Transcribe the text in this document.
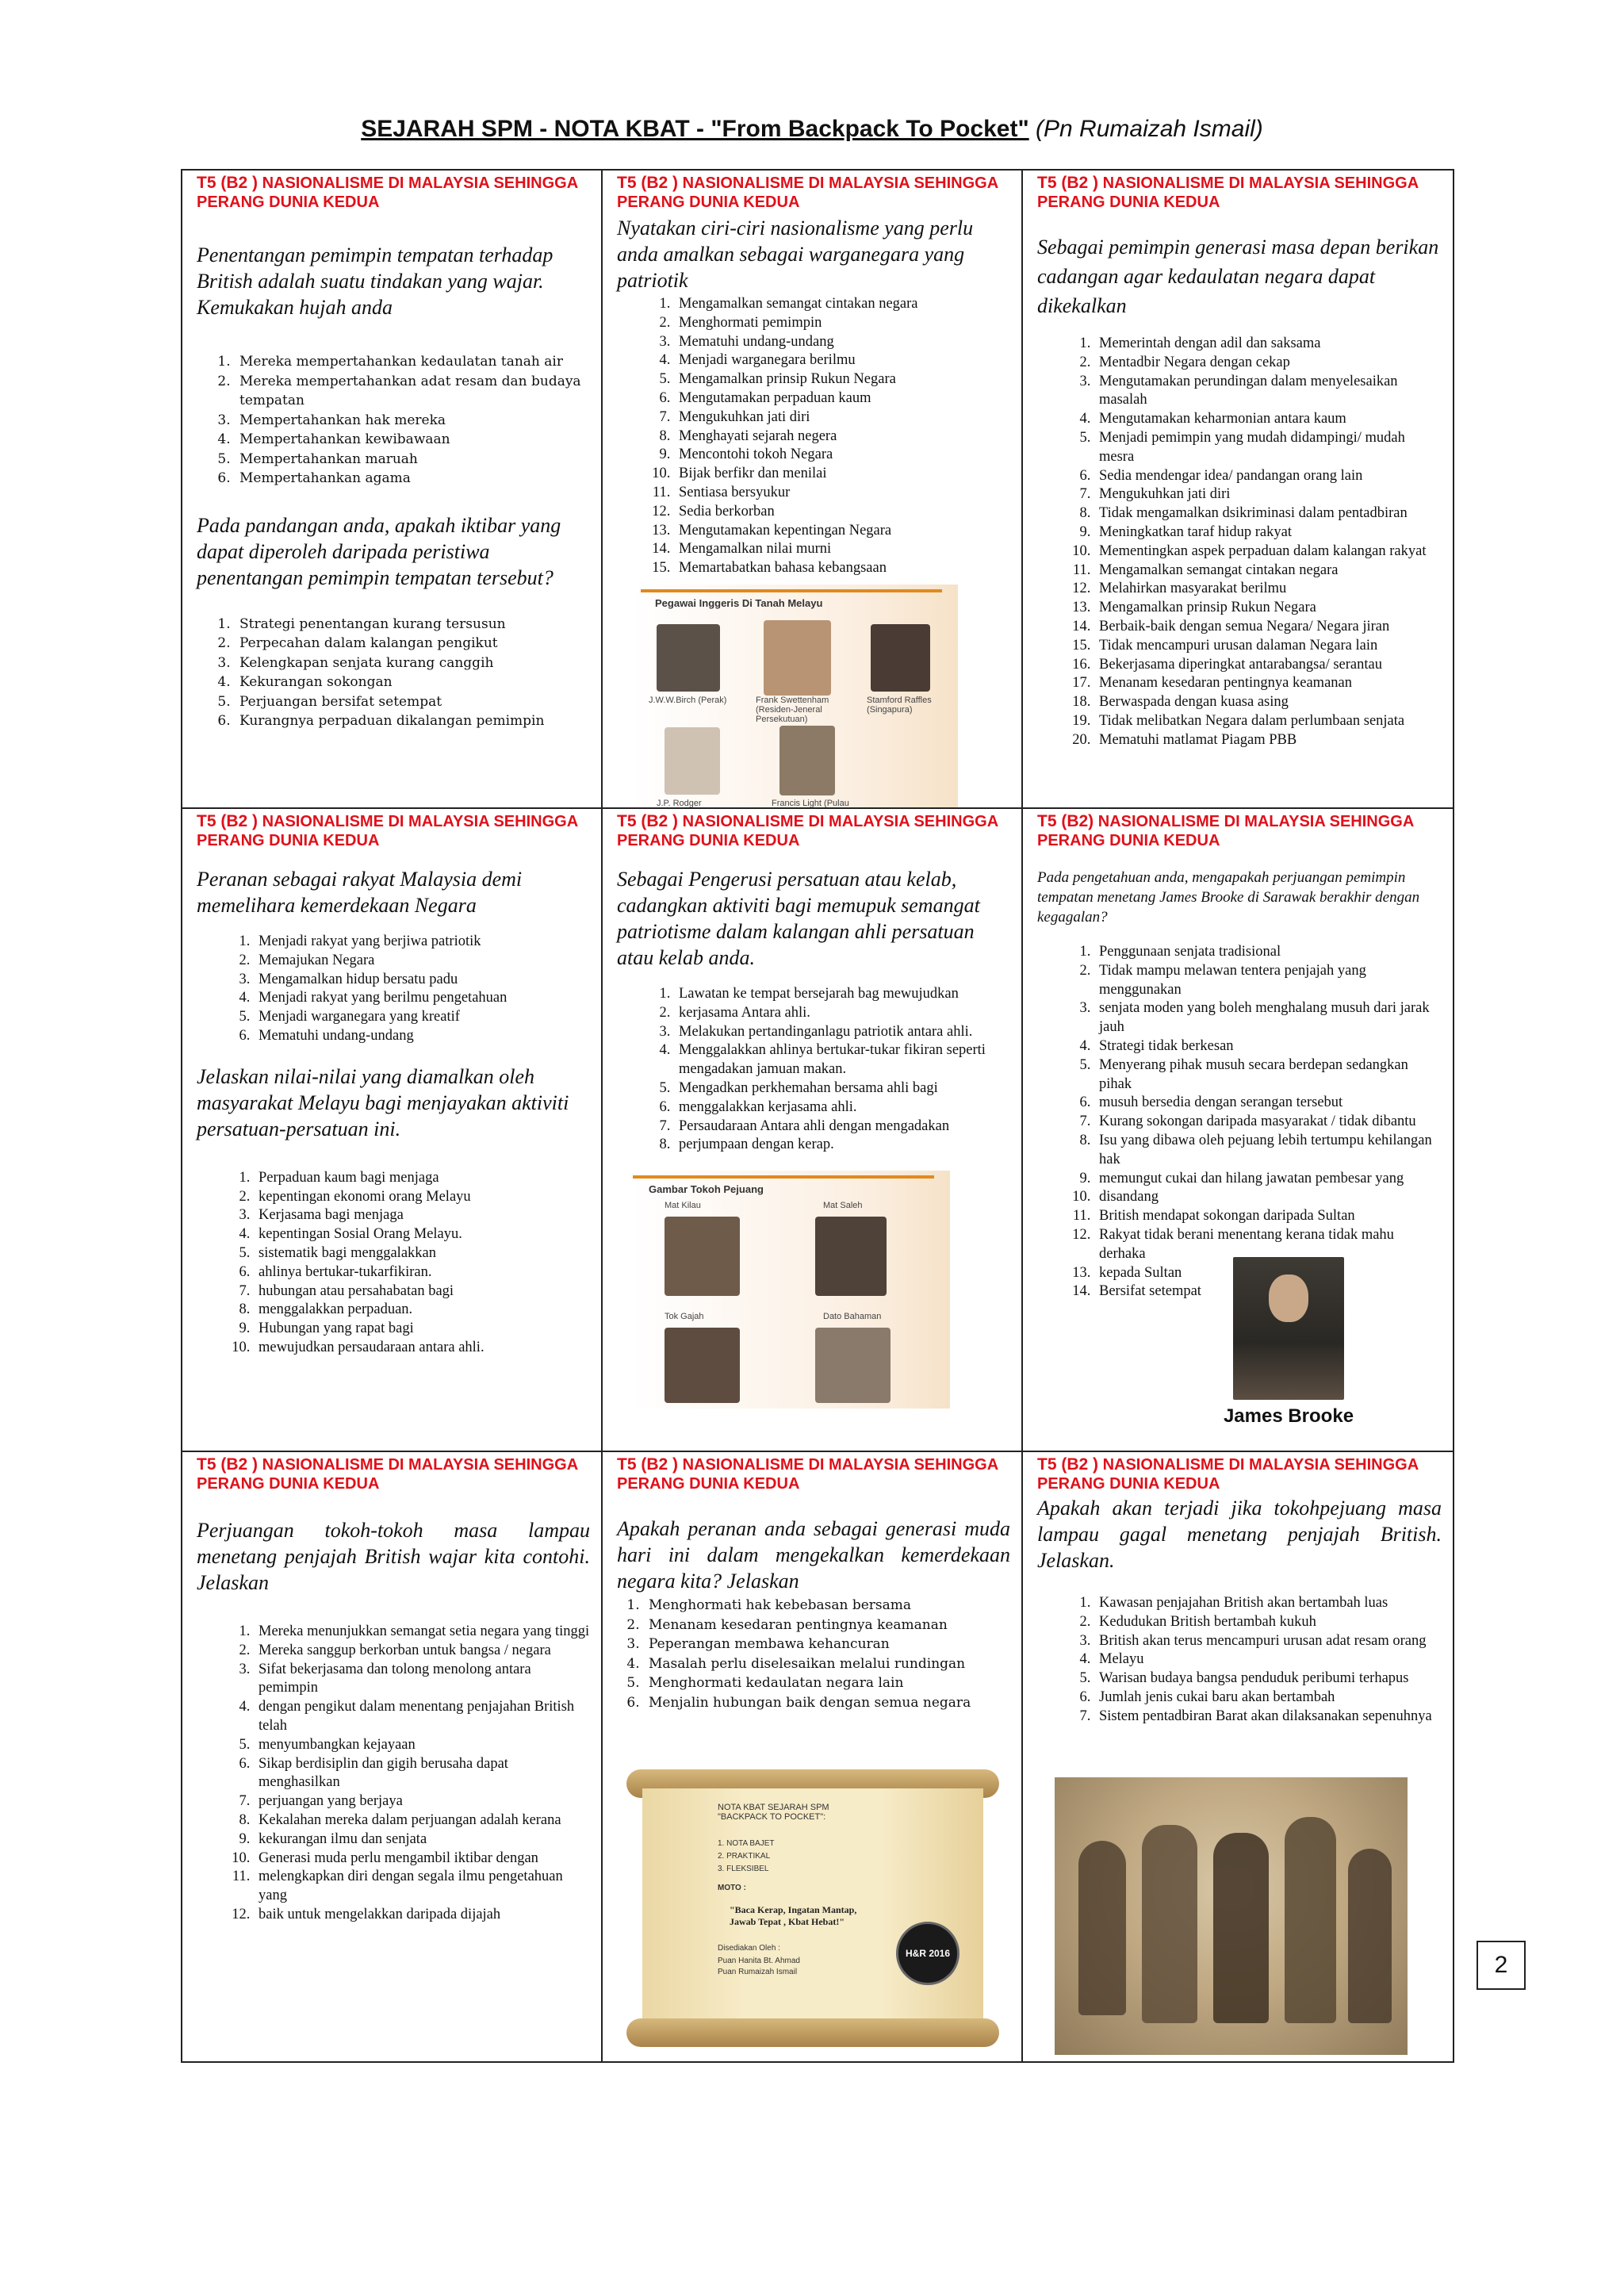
SEJARAH SPM - NOTA KBAT - "From Backpack To Pocket" (Pn Rumaizah Ismail)
T5 (B2 ) NASIONALISME DI MALAYSIA SEHINGGA PERANG DUNIA KEDUA
Penentangan pemimpin tempatan terhadap British adalah suatu tindakan yang wajar. Kemukakan hujah anda
1. Mereka mempertahankan kedaulatan tanah air
2. Mereka mempertahankan adat resam dan budaya tempatan
3. Mempertahankan hak mereka
4. Mempertahankan kewibawaan
5. Mempertahankan maruah
6. Mempertahankan agama
Pada pandangan anda, apakah iktibar yang dapat diperoleh daripada peristiwa penentangan pemimpin tempatan tersebut?
1. Strategi penentangan kurang tersusun
2. Perpecahan dalam kalangan pengikut
3. Kelengkapan senjata kurang canggih
4. Kekurangan sokongan
5. Perjuangan bersifat setempat
6. Kurangnya perpaduan dikalangan pemimpin
T5 (B2 ) NASIONALISME DI MALAYSIA SEHINGGA PERANG DUNIA KEDUA
Nyatakan ciri-ciri nasionalisme yang perlu anda amalkan sebagai warganegara yang patriotik
1. Mengamalkan semangat cintakan negara
2. Menghormati pemimpin
3. Mematuhi undang-undang
4. Menjadi warganegara berilmu
5. Mengamalkan prinsip Rukun Negara
6. Mengutamakan perpaduan kaum
7. Mengukuhkan jati diri
8. Menghayati sejarah negera
9. Mencontohi tokoh Negara
10. Bijak berfikr dan menilai
11. Sentiasa bersyukur
12. Sedia berkorban
13. Mengutamakan kepentingan Negara
14. Mengamalkan nilai murni
15. Memartabatkan bahasa kebangsaan
Pegawai Inggeris Di Tanah Melayu
J.W.W.Birch (Perak)	Frank Swettenham (Residen-Jeneral Persekutuan)
Stamford Raffles (Singapura)
J.P. Rodger	Francis Light (Pulau
T5 (B2 ) NASIONALISME DI MALAYSIA SEHINGGA PERANG DUNIA KEDUA
Sebagai pemimpin generasi masa depan berikan cadangan agar kedaulatan negara dapat dikekalkan
1. Memerintah dengan adil dan saksama
2. Mentadbir Negara dengan cekap
3. Mengutamakan perundingan dalam menyelesaikan masalah
4. Mengutamakan keharmonian antara kaum
5. Menjadi pemimpin yang mudah didampingi/ mudah mesra
6. Sedia mendengar idea/ pandangan orang lain
7. Mengukuhkan jati diri
8. Tidak mengamalkan dsikriminasi dalam pentadbiran
9. Meningkatkan taraf hidup rakyat
10. Mementingkan aspek perpaduan dalam kalangan rakyat
11. Mengamalkan semangat cintakan negara
12. Melahirkan masyarakat berilmu
13. Mengamalkan prinsip Rukun Negara
14. Berbaik-baik dengan semua Negara/ Negara jiran
15. Tidak mencampuri urusan dalaman Negara lain
16. Bekerjasama diperingkat antarabangsa/ serantau
17. Menanam kesedaran pentingnya keamanan
18. Berwaspada dengan kuasa asing
19. Tidak melibatkan Negara dalam perlumbaan senjata
20. Mematuhi matlamat Piagam PBB
T5 (B2 ) NASIONALISME DI MALAYSIA SEHINGGA PERANG DUNIA KEDUA
Peranan sebagai rakyat Malaysia demi memelihara kemerdekaan Negara
1. Menjadi rakyat yang berjiwa patriotik
2. Memajukan Negara
3. Mengamalkan hidup bersatu padu
4. Menjadi rakyat yang berilmu pengetahuan
5. Menjadi warganegara yang kreatif
6. Mematuhi undang-undang
Jelaskan nilai-nilai yang diamalkan oleh masyarakat Melayu bagi menjayakan aktiviti persatuan-persatuan ini.
1. Perpaduan kaum bagi menjaga
2. kepentingan ekonomi orang Melayu
3. Kerjasama bagi menjaga
4. kepentingan Sosial Orang Melayu.
5. sistematik bagi menggalakkan
6. ahlinya bertukar-tukarfikiran.
7. hubungan atau persahabatan bagi
8. menggalakkan perpaduan.
9. Hubungan yang rapat bagi
10. mewujudkan persaudaraan antara ahli.
T5 (B2 ) NASIONALISME DI MALAYSIA SEHINGGA PERANG DUNIA KEDUA
Sebagai Pengerusi persatuan atau kelab, cadangkan aktiviti bagi memupuk semangat patriotisme dalam kalangan ahli persatuan atau kelab anda.
1. Lawatan ke tempat bersejarah bag mewujudkan
2. kerjasama Antara ahli.
3. Melakukan pertandinganlagu patriotik antara ahli.
4. Menggalakkan ahlinya bertukar-tukar fikiran seperti mengadakan jamuan makan.
5. Mengadkan perkhemahan bersama ahli bagi
6. menggalakkan kerjasama ahli.
7. Persaudaraan Antara ahli dengan mengadakan
8. perjumpaan dengan kerap.
Gambar Tokoh Pejuang
Mat Kilau	Mat Saleh
Tok Gajah	Dato Bahaman
T5 (B2) NASIONALISME DI MALAYSIA SEHINGGA PERANG DUNIA KEDUA
Pada pengetahuan anda, mengapakah perjuangan pemimpin tempatan menetang James Brooke di Sarawak berakhir dengan kegagalan?
1. Penggunaan senjata tradisional
2. Tidak mampu melawan tentera penjajah yang menggunakan
3. senjata moden yang boleh menghalang musuh dari jarak jauh
4. Strategi tidak berkesan
5. Menyerang pihak musuh secara berdepan sedangkan pihak
6. musuh bersedia dengan serangan tersebut
7. Kurang sokongan daripada masyarakat / tidak dibantu
8. Isu yang dibawa oleh pejuang lebih tertumpu kehilangan hak
9. memungut cukai dan hilang jawatan pembesar yang
10. disandang
11. British mendapat sokongan daripada Sultan
12. Rakyat tidak berani menentang kerana tidak mahu derhaka
13. kepada Sultan
14. Bersifat setempat
James Brooke
T5 (B2 ) NASIONALISME DI MALAYSIA SEHINGGA PERANG DUNIA KEDUA
Perjuangan tokoh-tokoh masa lampau menetang penjajah British wajar kita contohi. Jelaskan
1. Mereka menunjukkan semangat setia negara yang tinggi
2. Mereka sanggup berkorban untuk bangsa / negara
3. Sifat bekerjasama dan tolong menolong antara pemimpin
4. dengan pengikut dalam menentang penjajahan British telah
5. menyumbangkan kejayaan
6. Sikap berdisiplin dan gigih berusaha dapat menghasilkan
7. perjuangan yang berjaya
8. Kekalahan mereka dalam perjuangan adalah kerana
9. kekurangan ilmu dan senjata
10. Generasi muda perlu mengambil iktibar dengan
11. melengkapkan diri dengan segala ilmu pengetahuan yang
12. baik untuk mengelakkan daripada dijajah
T5 (B2 ) NASIONALISME DI MALAYSIA SEHINGGA PERANG DUNIA KEDUA
Apakah peranan anda sebagai generasi muda hari ini dalam mengekalkan kemerdekaan negara kita? Jelaskan
1. Menghormati hak kebebasan bersama
2. Menanam kesedaran pentingnya keamanan
3. Peperangan membawa kehancuran
4. Masalah perlu diselesaikan melalui rundingan
5. Menghormati kedaulatan negara lain
6. Menjalin hubungan baik dengan semua negara
NOTA KBAT SEJARAH SPM
"BACKPACK TO POCKET":
1. NOTA BAJET
2. PRAKTIKAL
3. FLEKSIBEL
MOTO :
"Baca Kerap, Ingatan Mantap,
Jawab Tepat , Kbat Hebat!"
Disediakan Oleh :
Puan Hanita Bt. Ahmad
Puan Rumaizah Ismail
H&R 2016
T5 (B2 ) NASIONALISME DI MALAYSIA SEHINGGA PERANG DUNIA KEDUA
Apakah akan terjadi jika tokohpejuang masa lampau gagal menetang penjajah British. Jelaskan.
1. Kawasan penjajahan British akan bertambah luas
2. Kedudukan British bertambah kukuh
3. British akan terus mencampuri urusan adat resam orang
4. Melayu
5. Warisan budaya bangsa penduduk peribumi terhapus
6. Jumlah jenis cukai baru akan bertambah
7. Sistem pentadbiran Barat akan dilaksanakan sepenuhnya
2
